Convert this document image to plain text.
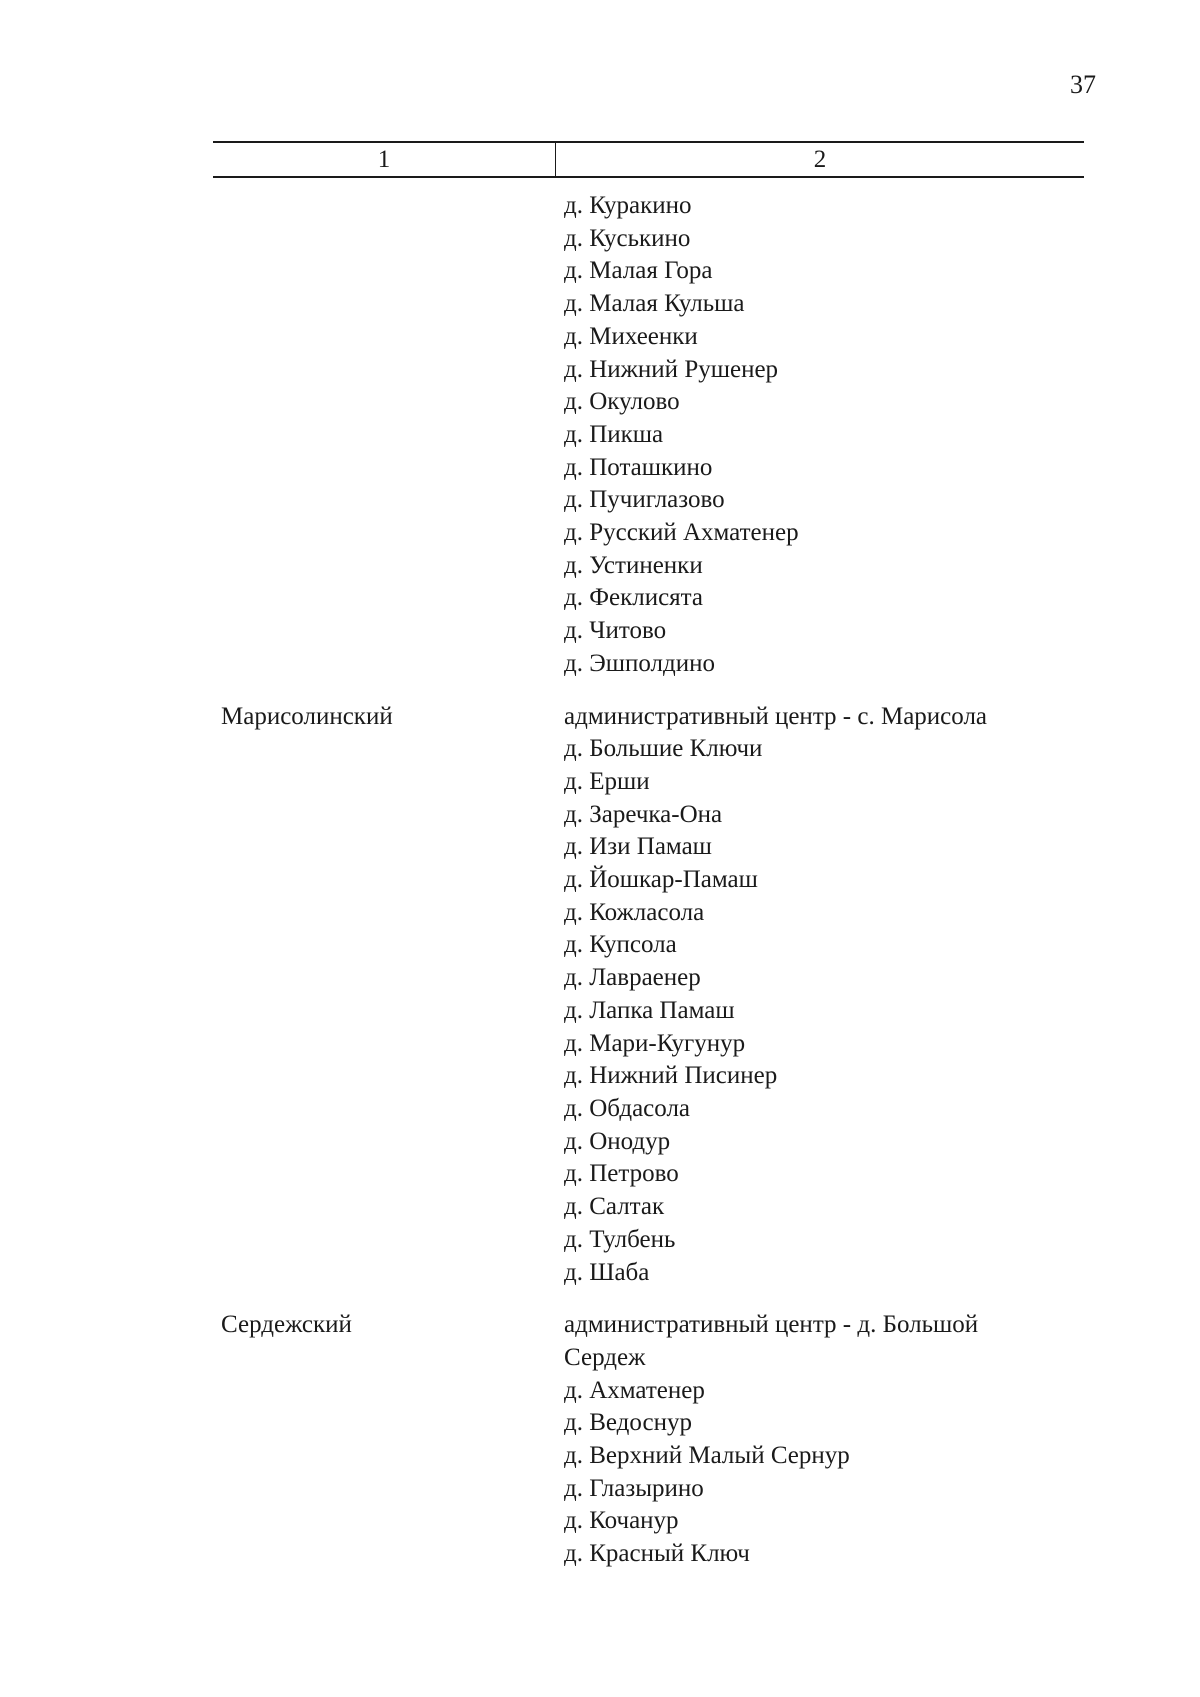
37
1	2
д. Куракино
д. Куськино
д. Малая Гора
д. Малая Кульша
д. Михеенки
д. Нижний Рушенер
д. Окулово
д. Пикша
д. Поташкино
д. Пучиглазово
д. Русский Ахматенер
д. Устиненки
д. Феклисята
д. Читово
д. Эшполдино
Марисолинский	административный центр - с. Марисола
д. Большие Ключи
д. Ерши
д. Заречка-Она
д. Изи Памаш
д. Йошкар-Памаш
д. Кожласола
д. Купсола
д. Лавраенер
д. Лапка Памаш
д. Мари-Кугунур
д. Нижний Писинер
д. Обдасола
д. Онодур
д. Петрово
д. Салтак
д. Тулбень
д. Шаба
Сердежский	административный центр - д. Большой
Сердеж
д. Ахматенер
д. Ведоснур
д. Верхний Малый Сернур
д. Глазырино
д. Кочанур
д. Красный Ключ
